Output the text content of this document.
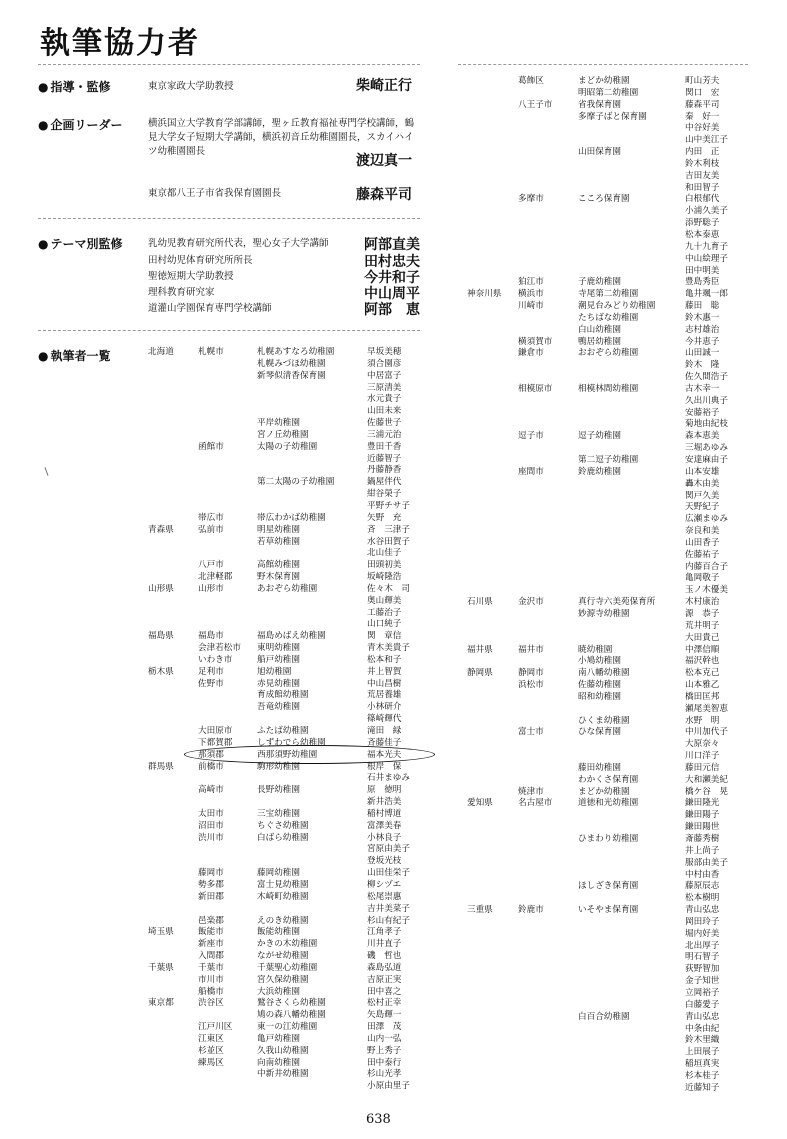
執筆協力者
● 指導・監修	東京家政大学助教授	柴崎正行
● 企画リーダー	横浜国立大学教育学部講師，聖ヶ丘教育福祉専門学校講師，鶴見大学女子短期大学講師，横浜初音丘幼稚園園長，スカイハイツ幼稚園園長
渡辺真一
東京都八王子市省我保育園園長	藤森平司
● テーマ別監修	乳幼児教育研究所代表，聖心女子大学講師	阿部直美
田村幼児体育研究所所長	田村忠夫
聖徳短期大学助教授	今井和子
理科教育研究家	中山周平
道灌山学園保育専門学校講師	阿部　恵
● 執筆者一覧	北海道	札幌市	札幌あすなろ幼稚園	早坂美穂
札幌みづほ幼稚園	須合園彦
新琴似清香保育園	中居富子
三原清美
水元貴子
山田未来
平岸幼稚園	佐藤世子
宮ノ丘幼稚園	三浦元治
函館市	太陽の子幼稚園	豊田千香
近藤智子
丹藤静香
第二太陽の子幼稚園	鍋屋伴代
紺谷榮子
平野チサ子
帯広市	帯広わかば幼稚園	矢野　充
青森県	弘前市	明星幼稚園	斉　三津子
若草幼稚園	水谷田賀子
北山佳子
八戸市	高館幼稚園	田頭初美
北津軽郡	野木保育園	坂崎隆浩
山形県	山形市	あおぞら幼稚園	佐々木　司
奥山輝美
工藤治子
山口純子
福島県	福島市	福島めばえ幼稚園	関　章信
会津若松市 東明幼稚園	青木美貴子
いわき市	船戸幼稚園	松本和子
栃木県	足利市	旭幼稚園	井上智賀
佐野市	赤見幼稚園	中山昌樹
育成館幼稚園	荒居養雄
吾竜幼稚園	小林研介
篠崎輝代
大田原市	ふたば幼稚園	滝田　緑
下都賀郡	しずわでら幼稚園	斉藤佳子
那須郡	西那須野幼稚園	福本光夫
群馬県	前橋市	駒形幼稚園	根岸　保
石井まゆみ
高崎市	長野幼稚園	原　徳明
新井浩美
太田市	三宝幼稚園	稲村博道
沼田市	ちぐさ幼稚園	富澤美春
渋川市	白ばら幼稚園	小林良子
宮原由美子
登坂光枝
藤岡市	藤岡幼稚園	山田佳栄子
勢多郡	富士見幼稚園	柳シヅエ
新田郡	木崎町幼稚園	松尾崇惠
吉井美菜子
邑楽郡	えのき幼稚園	杉山有紀子
埼玉県	飯能市	飯能幼稚園	江角孝子
新座市	かきの木幼稚園	川井直子
入間郡	ながせ幼稚園	磯　哲也
千葉県	千葉市	千葉聖心幼稚園	森島弘道
市川市	宮久保幼稚園	吉原正実
船橋市	大浜幼稚園	田中喜之
東京都	渋谷区	鷲谷さくら幼稚園	松村正幸
鳩の森八幡幼稚園	矢島輝一
江戸川区	東一の江幼稚園	田澤　茂
江東区	亀戸幼稚園	山内一弘
杉並区	久我山幼稚園	野上秀子
練馬区	向南幼稚園	田中泰行
中新井幼稚園	杉山光孝
小原由里子
葛飾区	まどか幼稚園	町山芳夫
明昭第二幼稚園	関口　宏
八王子市	省我保育園	藤森平司
多摩子ばと保育園	秦　好一
中谷好美
山中美江子
山田保育園	内田　正
鈴木利枝
吉田友美
和田智子
多摩市	こころ保育園	白根郁代
小浦久美子
添野聡子
松本泰恵
九十九育子
中山絵理子
田中明美
狛江市	子鹿幼稚園	豊島秀臣
神奈川県 横浜市	寺尾第二幼稚園	亀井颯一郎
川崎市	潮見台みどり幼稚園	藤田　聡
たちばな幼稚園	鈴木惠一
白山幼稚園	志村雄治
横須賀市	鴨居幼稚園	今井恵子
鎌倉市	おおぞら幼稚園	山田誠一
鈴木　隆
佐久間浩子
相模原市	相模林間幼稚園	古木幸一
久出川典子
安藤裕子
菊地由紀枝
逗子市	逗子幼稚園	森本恵美
三堀あゆみ
第二逗子幼稚園	安達麻由子
座間市	鈴鹿幼稚園	山本安雄
轟木由美
関戸久美
天野紀子
広瀬まゆみ
奈良和美
山田香子
佐藤祐子
内藤百合子
亀岡敬子
玉ノ木優美
石川県	金沢市	真行寺六美苑保育所	木村康治
妙源寺幼稚園	源　恭子
荒井明子
大田貴己
福井県	福井市	暁幼稚園	中澤信順
小鳩幼稚園	福沢幹也
静岡県	静岡市	南八幡幼稚園	松本克己
浜松市	佐藤幼稚園	山本雅乙
昭和幼稚園	橋田匡邦
瀬尾美智恵
ひくま幼稚園	水野　明
富士市	ひな保育園	中川加代子
大原奈々
川口洋子
藤田幼稚園	藤田元信
わかくさ保育園	大和瀬美紀
焼津市	まどか幼稚園	橋ケ谷　晃
愛知県	名古屋市	道徳和光幼稚園	鎌田隆光
鎌田陽子
鎌田陽世
ひまわり幼稚園	斎藤秀樹
井上尚子
服部由美子
中村由香
ほしざき保育園	藤原辰志
松本樹明
三重県	鈴鹿市	いそやま保育園	青山弘忠
岡田玲子
堀内好美
北出厚子
明石智子
荻野智加
金子知世
立岡裕子
白藤愛子
白百合幼稚園	青山弘忠
中条由紀
鈴木里織
上田展子
稲垣真実
杉本桂子
近藤知子
638
